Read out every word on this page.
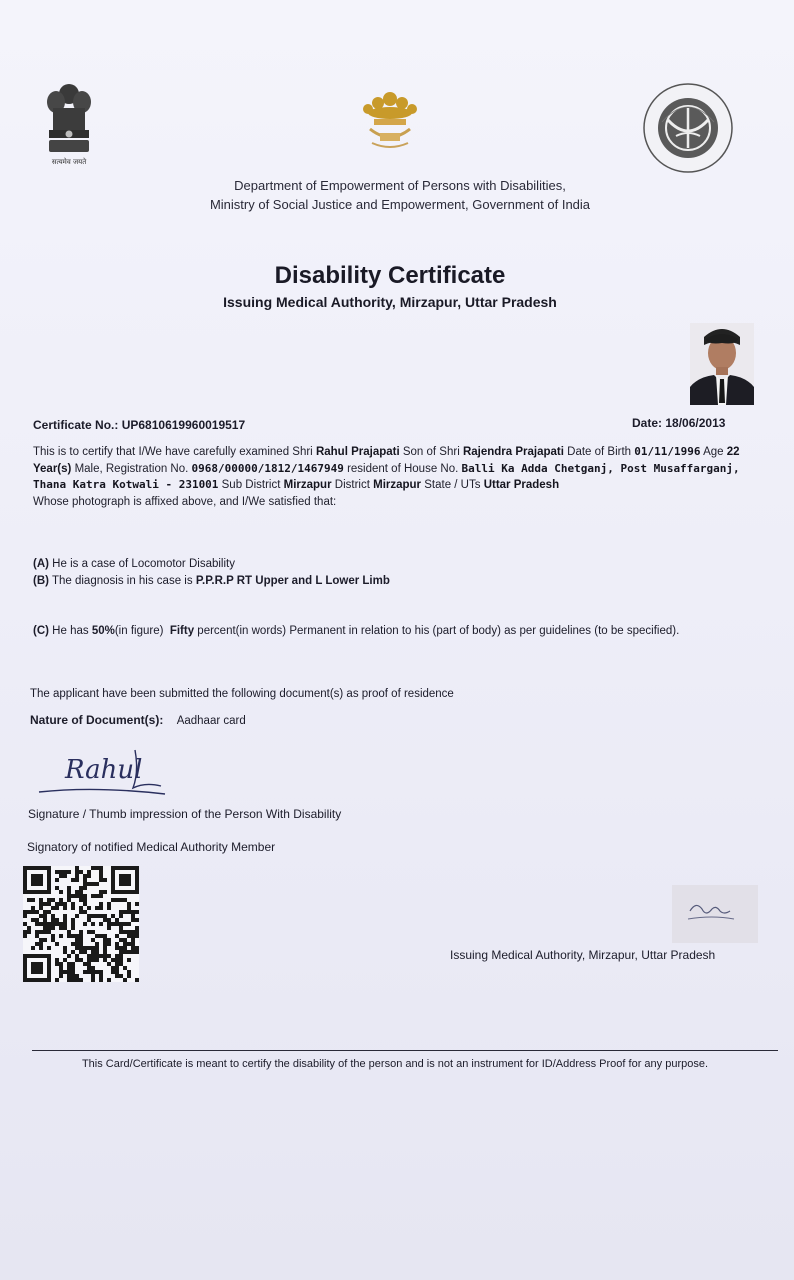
सत्यमेव जयते
Department of Empowerment of Persons with Disabilities,
Ministry of Social Justice and Empowerment, Government of India
Disability Certificate
Issuing Medical Authority, Mirzapur, Uttar Pradesh
Certificate No.: UP6810619960019517	Date: 18/06/2013
This is to certify that I/We have carefully examined Shri Rahul Prajapati Son of Shri Rajendra Prajapati Date of Birth 01/11/1996 Age 22 Year(s) Male, Registration No. 0968/00000/1812/1467949 resident of House No. Balli Ka Adda Chetganj, Post Musaffarganj, Thana Katra Kotwali - 231001 Sub District Mirzapur District Mirzapur State / UTs Uttar Pradesh
Whose photograph is affixed above, and I/We satisfied that:
(A) He is a case of Locomotor Disability
(B) The diagnosis in his case is P.P.R.P RT Upper and L Lower Limb
(C) He has 50%(in figure) Fifty percent(in words) Permanent in relation to his (part of body) as per guidelines (to be specified).
The applicant have been submitted the following document(s) as proof of residence
Nature of Document(s): Aadhaar card
Rahul
Signature / Thumb impression of the Person With Disability
Signatory of notified Medical Authority Member
Issuing Medical Authority, Mirzapur, Uttar Pradesh
This Card/Certificate is meant to certify the disability of the person and is not an instrument for ID/Address Proof for any purpose.
